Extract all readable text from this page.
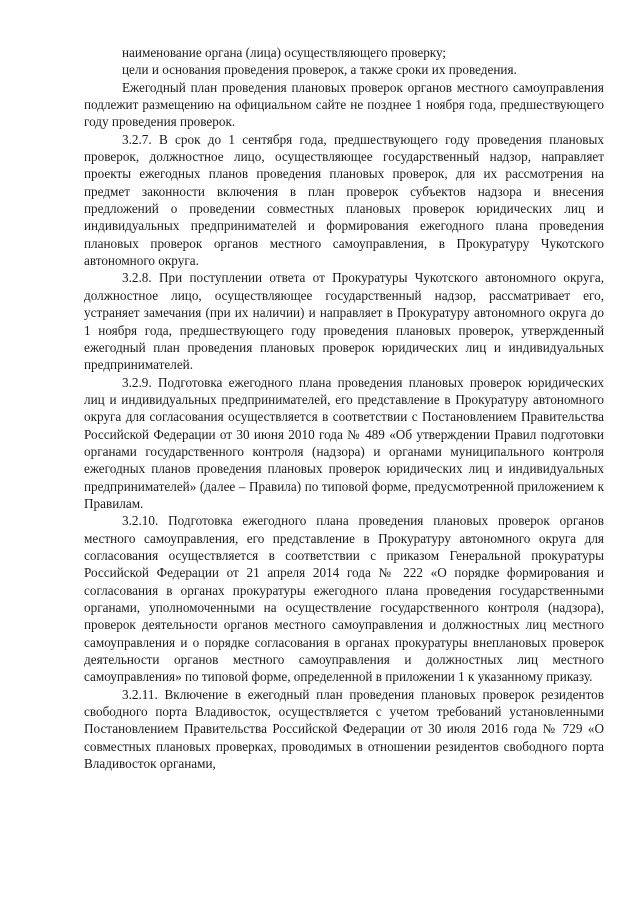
наименование органа (лица) осуществляющего проверку;

цели и основания проведения проверок, а также сроки их проведения.

Ежегодный план проведения плановых проверок органов местного самоуправления подлежит размещению на официальном сайте не позднее 1 ноября года, предшествующего году проведения проверок.

3.2.7. В срок до 1 сентября года, предшествующего году проведения плановых проверок, должностное лицо, осуществляющее государственный надзор, направляет проекты ежегодных планов проведения плановых проверок, для их рассмотрения на предмет законности включения в план проверок субъектов надзора и внесения предложений о проведении совместных плановых проверок юридических лиц и индивидуальных предпринимателей и формирования ежегодного плана проведения плановых проверок органов местного самоуправления, в Прокуратуру Чукотского автономного округа.

3.2.8. При поступлении ответа от Прокуратуры Чукотского автономного округа, должностное лицо, осуществляющее государственный надзор, рассматривает его, устраняет замечания (при их наличии) и направляет в Прокуратуру автономного округа до 1 ноября года, предшествующего году проведения плановых проверок, утвержденный ежегодный план проведения плановых проверок юридических лиц и индивидуальных предпринимателей.

3.2.9. Подготовка ежегодного плана проведения плановых проверок юридических лиц и индивидуальных предпринимателей, его представление в Прокуратуру автономного округа для согласования осуществляется в соответствии с Постановлением Правительства Российской Федерации от 30 июня 2010 года № 489 «Об утверждении Правил подготовки органами государственного контроля (надзора) и органами муниципального контроля ежегодных планов проведения плановых проверок юридических лиц и индивидуальных предпринимателей» (далее – Правила) по типовой форме, предусмотренной приложением к Правилам.

3.2.10. Подготовка ежегодного плана проведения плановых проверок органов местного самоуправления, его представление в Прокуратуру автономного округа для согласования осуществляется в соответствии с приказом Генеральной прокуратуры Российской Федерации от 21 апреля 2014 года № 222 «О порядке формирования и согласования в органах прокуратуры ежегодного плана проведения государственными органами, уполномоченными на осуществление государственного контроля (надзора), проверок деятельности органов местного самоуправления и должностных лиц местного самоуправления и о порядке согласования в органах прокуратуры внеплановых проверок деятельности органов местного самоуправления и должностных лиц местного самоуправления» по типовой форме, определенной в приложении 1 к указанному приказу.

3.2.11. Включение в ежегодный план проведения плановых проверок резидентов свободного порта Владивосток, осуществляется с учетом требований установленными Постановлением Правительства Российской Федерации от 30 июля 2016 года № 729 «О совместных плановых проверках, проводимых в отношении резидентов свободного порта Владивосток органами,
